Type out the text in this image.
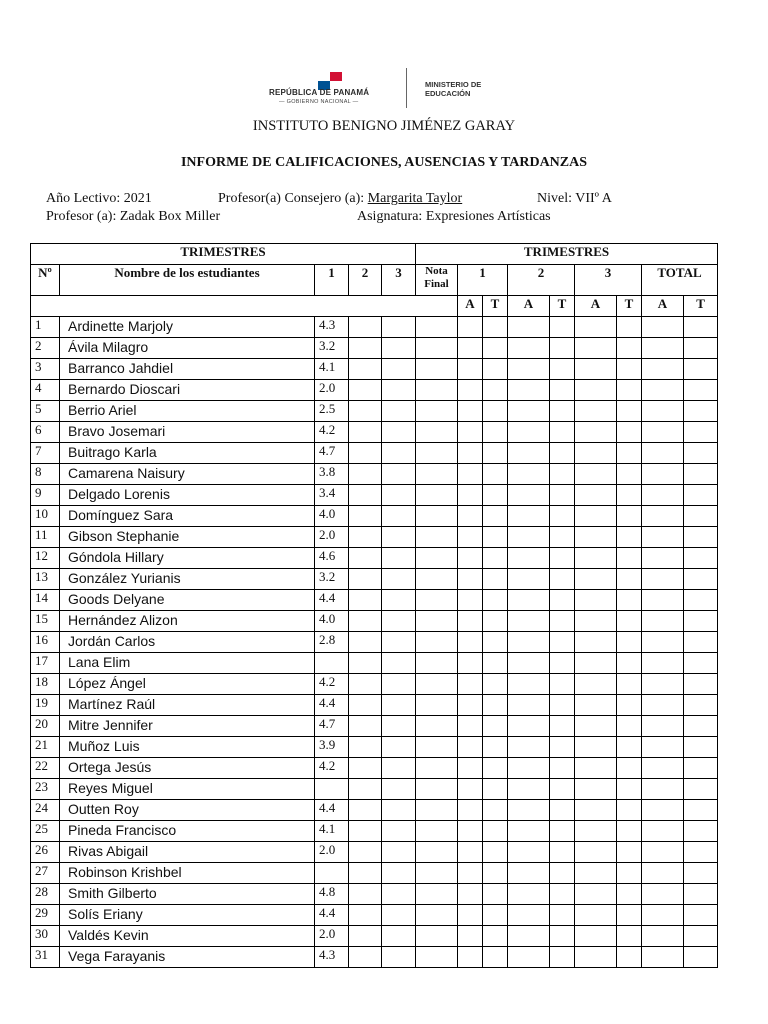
REPÚBLICA DE PANAMÁ
— GOBIERNO NACIONAL —
MINISTERIO DE
EDUCACIÓN
INSTITUTO BENIGNO JIMÉNEZ GARAY
INFORME DE CALIFICACIONES, AUSENCIAS Y TARDANZAS
Año Lectivo: 2021	Profesor(a) Consejero (a): Margarita Taylor	Nivel: VIIº A
Profesor (a): Zadak Box Miller	Asignatura: Expresiones Artísticas
TRIMESTRES					TRIMESTRES								
Nº	Nombre de los estudiantes	1	2	3	Nota Final	1		2		3		TOTAL	
						A	T	A	T	A	T	A	T
1	Ardinette Marjoly	4.3											
2	Ávila Milagro	3.2											
3	Barranco Jahdiel	4.1											
4	Bernardo Dioscari	2.0											
5	Berrio Ariel	2.5											
6	Bravo Josemari	4.2											
7	Buitrago Karla	4.7											
8	Camarena Naisury	3.8											
9	Delgado Lorenis	3.4											
10	Domínguez Sara	4.0											
11	Gibson Stephanie	2.0											
12	Góndola Hillary	4.6											
13	González Yurianis	3.2											
14	Goods Delyane	4.4											
15	Hernández Alizon	4.0											
16	Jordán Carlos	2.8											
17	Lana Elim												
18	López Ángel	4.2											
19	Martínez Raúl	4.4											
20	Mitre Jennifer	4.7											
21	Muñoz Luis	3.9											
22	Ortega Jesús	4.2											
23	Reyes Miguel												
24	Outten Roy	4.4											
25	Pineda Francisco	4.1											
26	Rivas Abigail	2.0											
27	Robinson Krishbel												
28	Smith Gilberto	4.8											
29	Solís Eriany	4.4											
30	Valdés Kevin	2.0											
31	Vega Farayanis	4.3											
